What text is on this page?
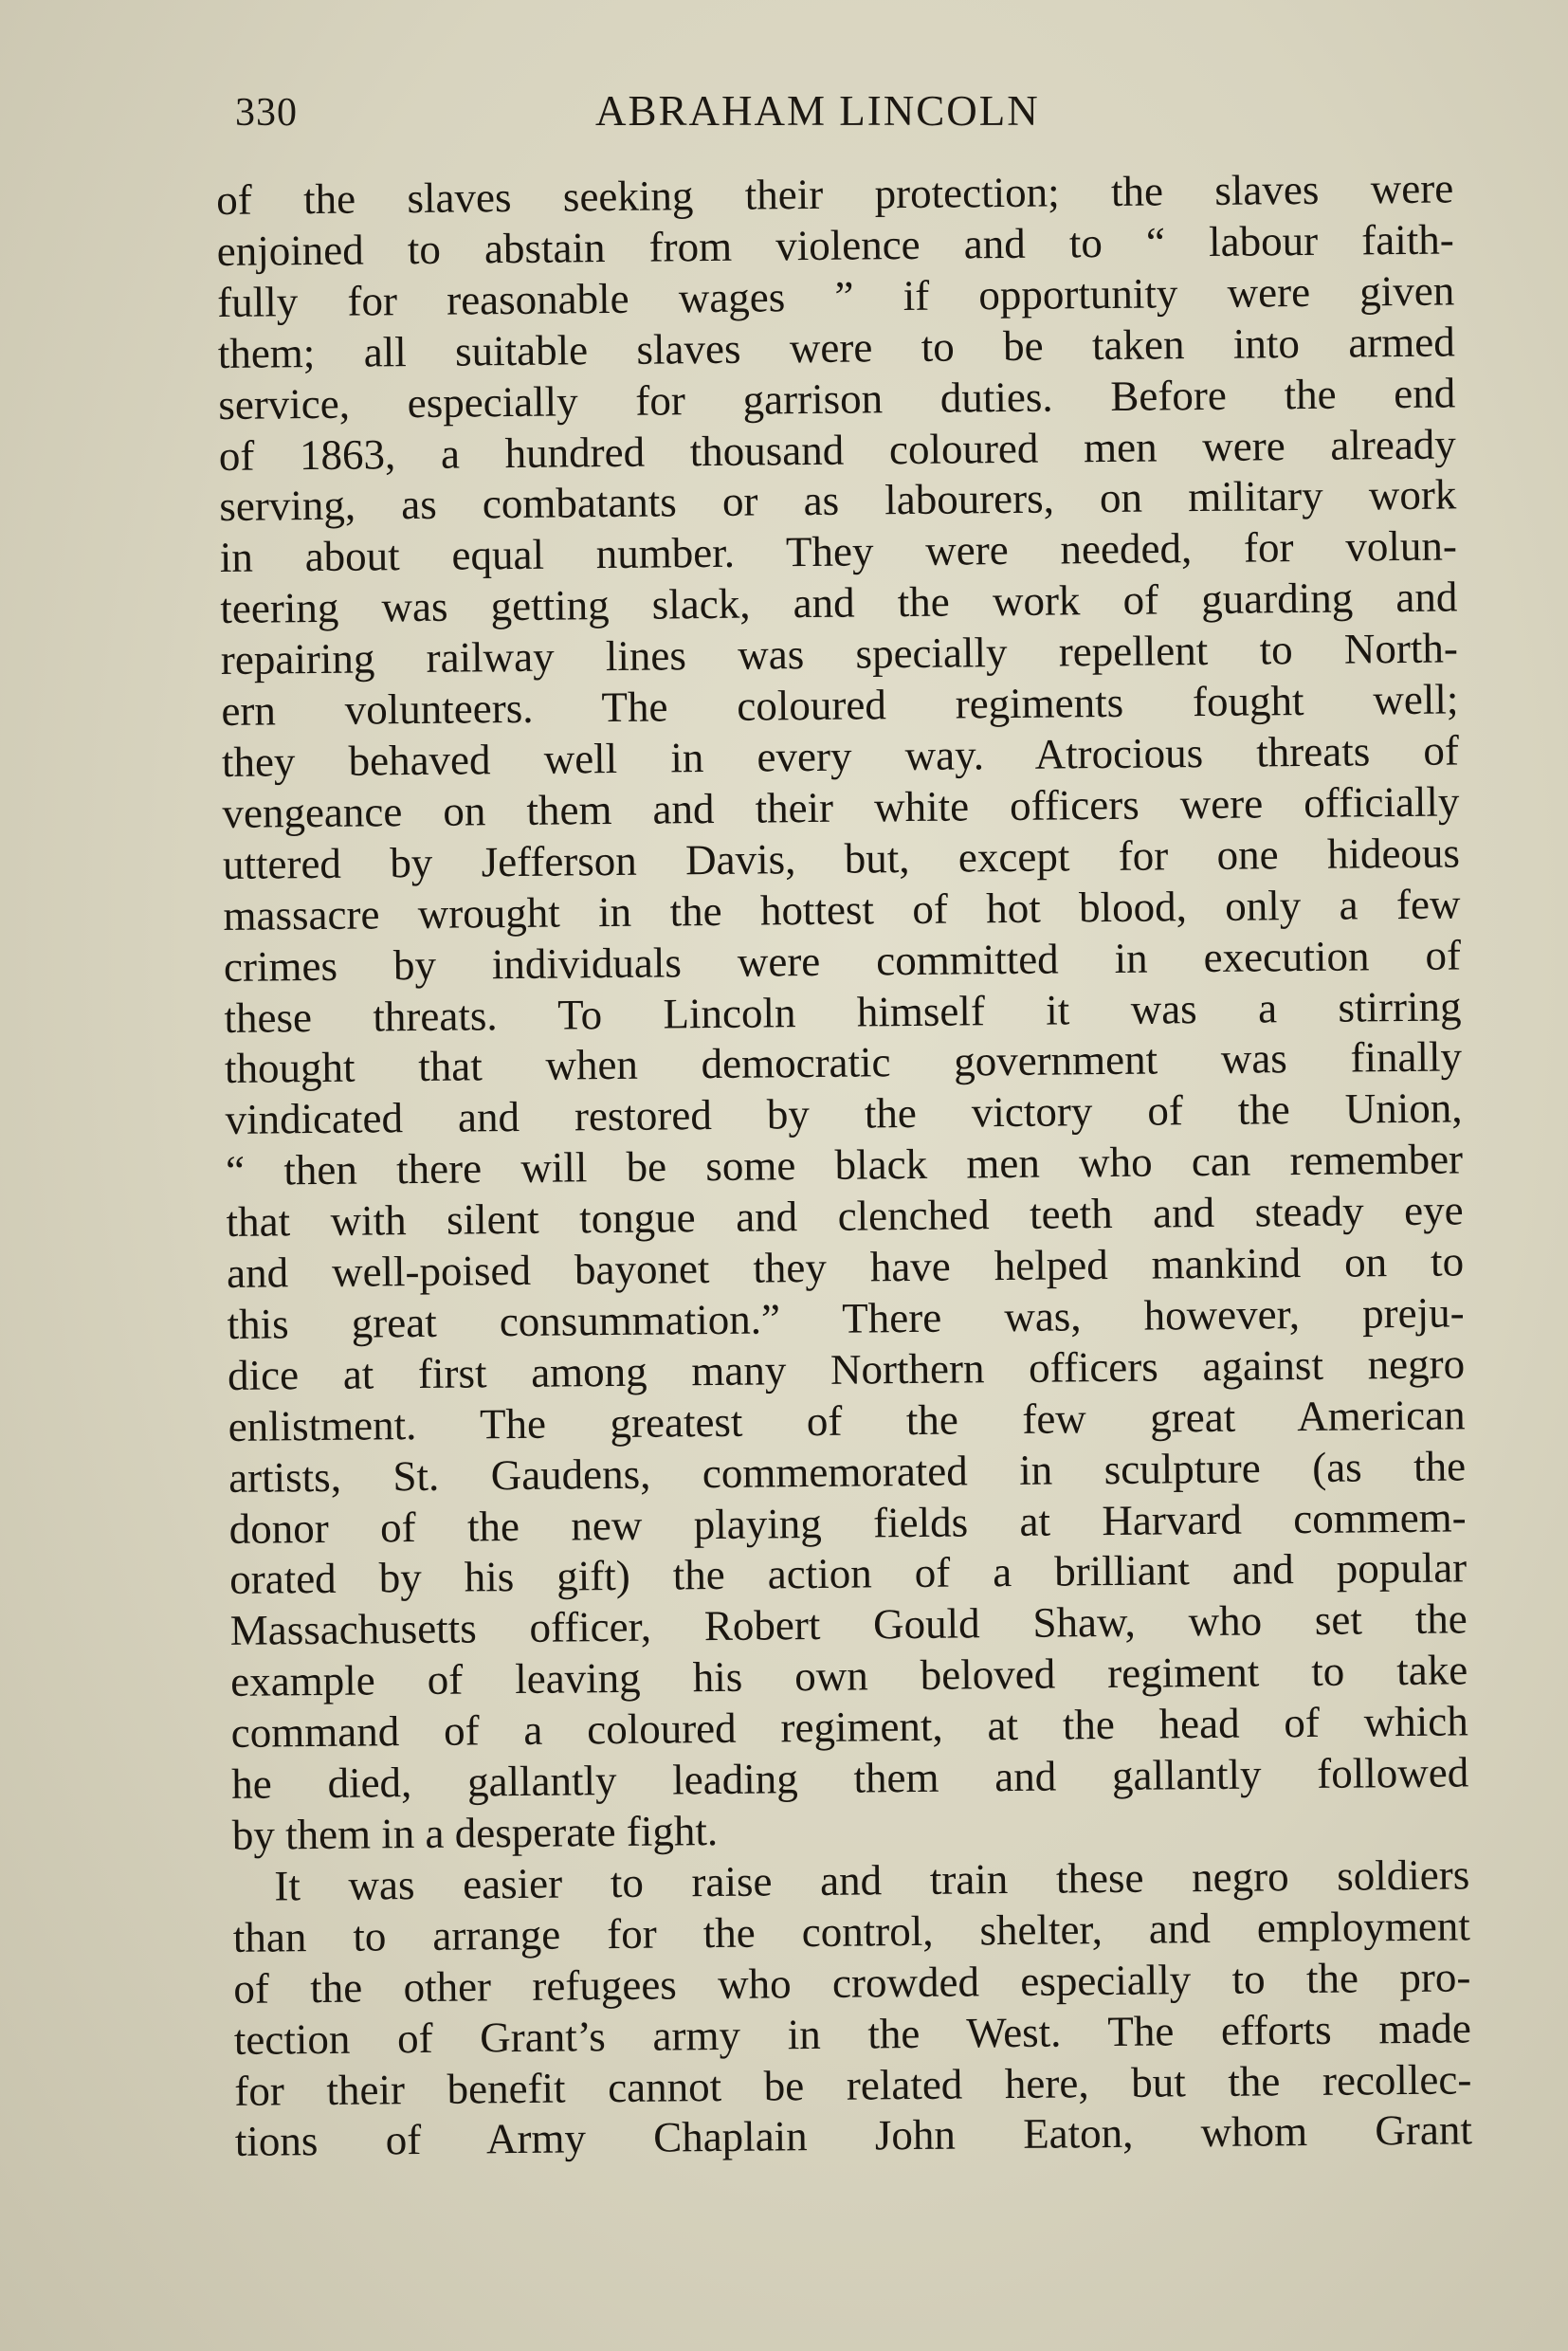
330	ABRAHAM LINCOLN
of the slaves seeking their protection; the slaves were
enjoined to abstain from violence and to “ labour faith-
fully for reasonable wages ” if opportunity were given
them; all suitable slaves were to be taken into armed
service, especially for garrison duties. Before the end
of 1863, a hundred thousand coloured men were already
serving, as combatants or as labourers, on military work
in about equal number. They were needed, for volun-
teering was getting slack, and the work of guarding and
repairing railway lines was specially repellent to North-
ern volunteers. The coloured regiments fought well;
they behaved well in every way. Atrocious threats of
vengeance on them and their white officers were officially
uttered by Jefferson Davis, but, except for one hideous
massacre wrought in the hottest of hot blood, only a few
crimes by individuals were committed in execution of
these threats. To Lincoln himself it was a stirring
thought that when democratic government was finally
vindicated and restored by the victory of the Union,
“ then there will be some black men who can remember
that with silent tongue and clenched teeth and steady eye
and well-poised bayonet they have helped mankind on to
this great consummation.” There was, however, preju-
dice at first among many Northern officers against negro
enlistment. The greatest of the few great American
artists, St. Gaudens, commemorated in sculpture (as the
donor of the new playing fields at Harvard commem-
orated by his gift) the action of a brilliant and popular
Massachusetts officer, Robert Gould Shaw, who set the
example of leaving his own beloved regiment to take
command of a coloured regiment, at the head of which
he died, gallantly leading them and gallantly followed
by them in a desperate fight.
It was easier to raise and train these negro soldiers
than to arrange for the control, shelter, and employment
of the other refugees who crowded especially to the pro-
tection of Grant’s army in the West. The efforts made
for their benefit cannot be related here, but the recollec-
tions of Army Chaplain John Eaton, whom Grant
